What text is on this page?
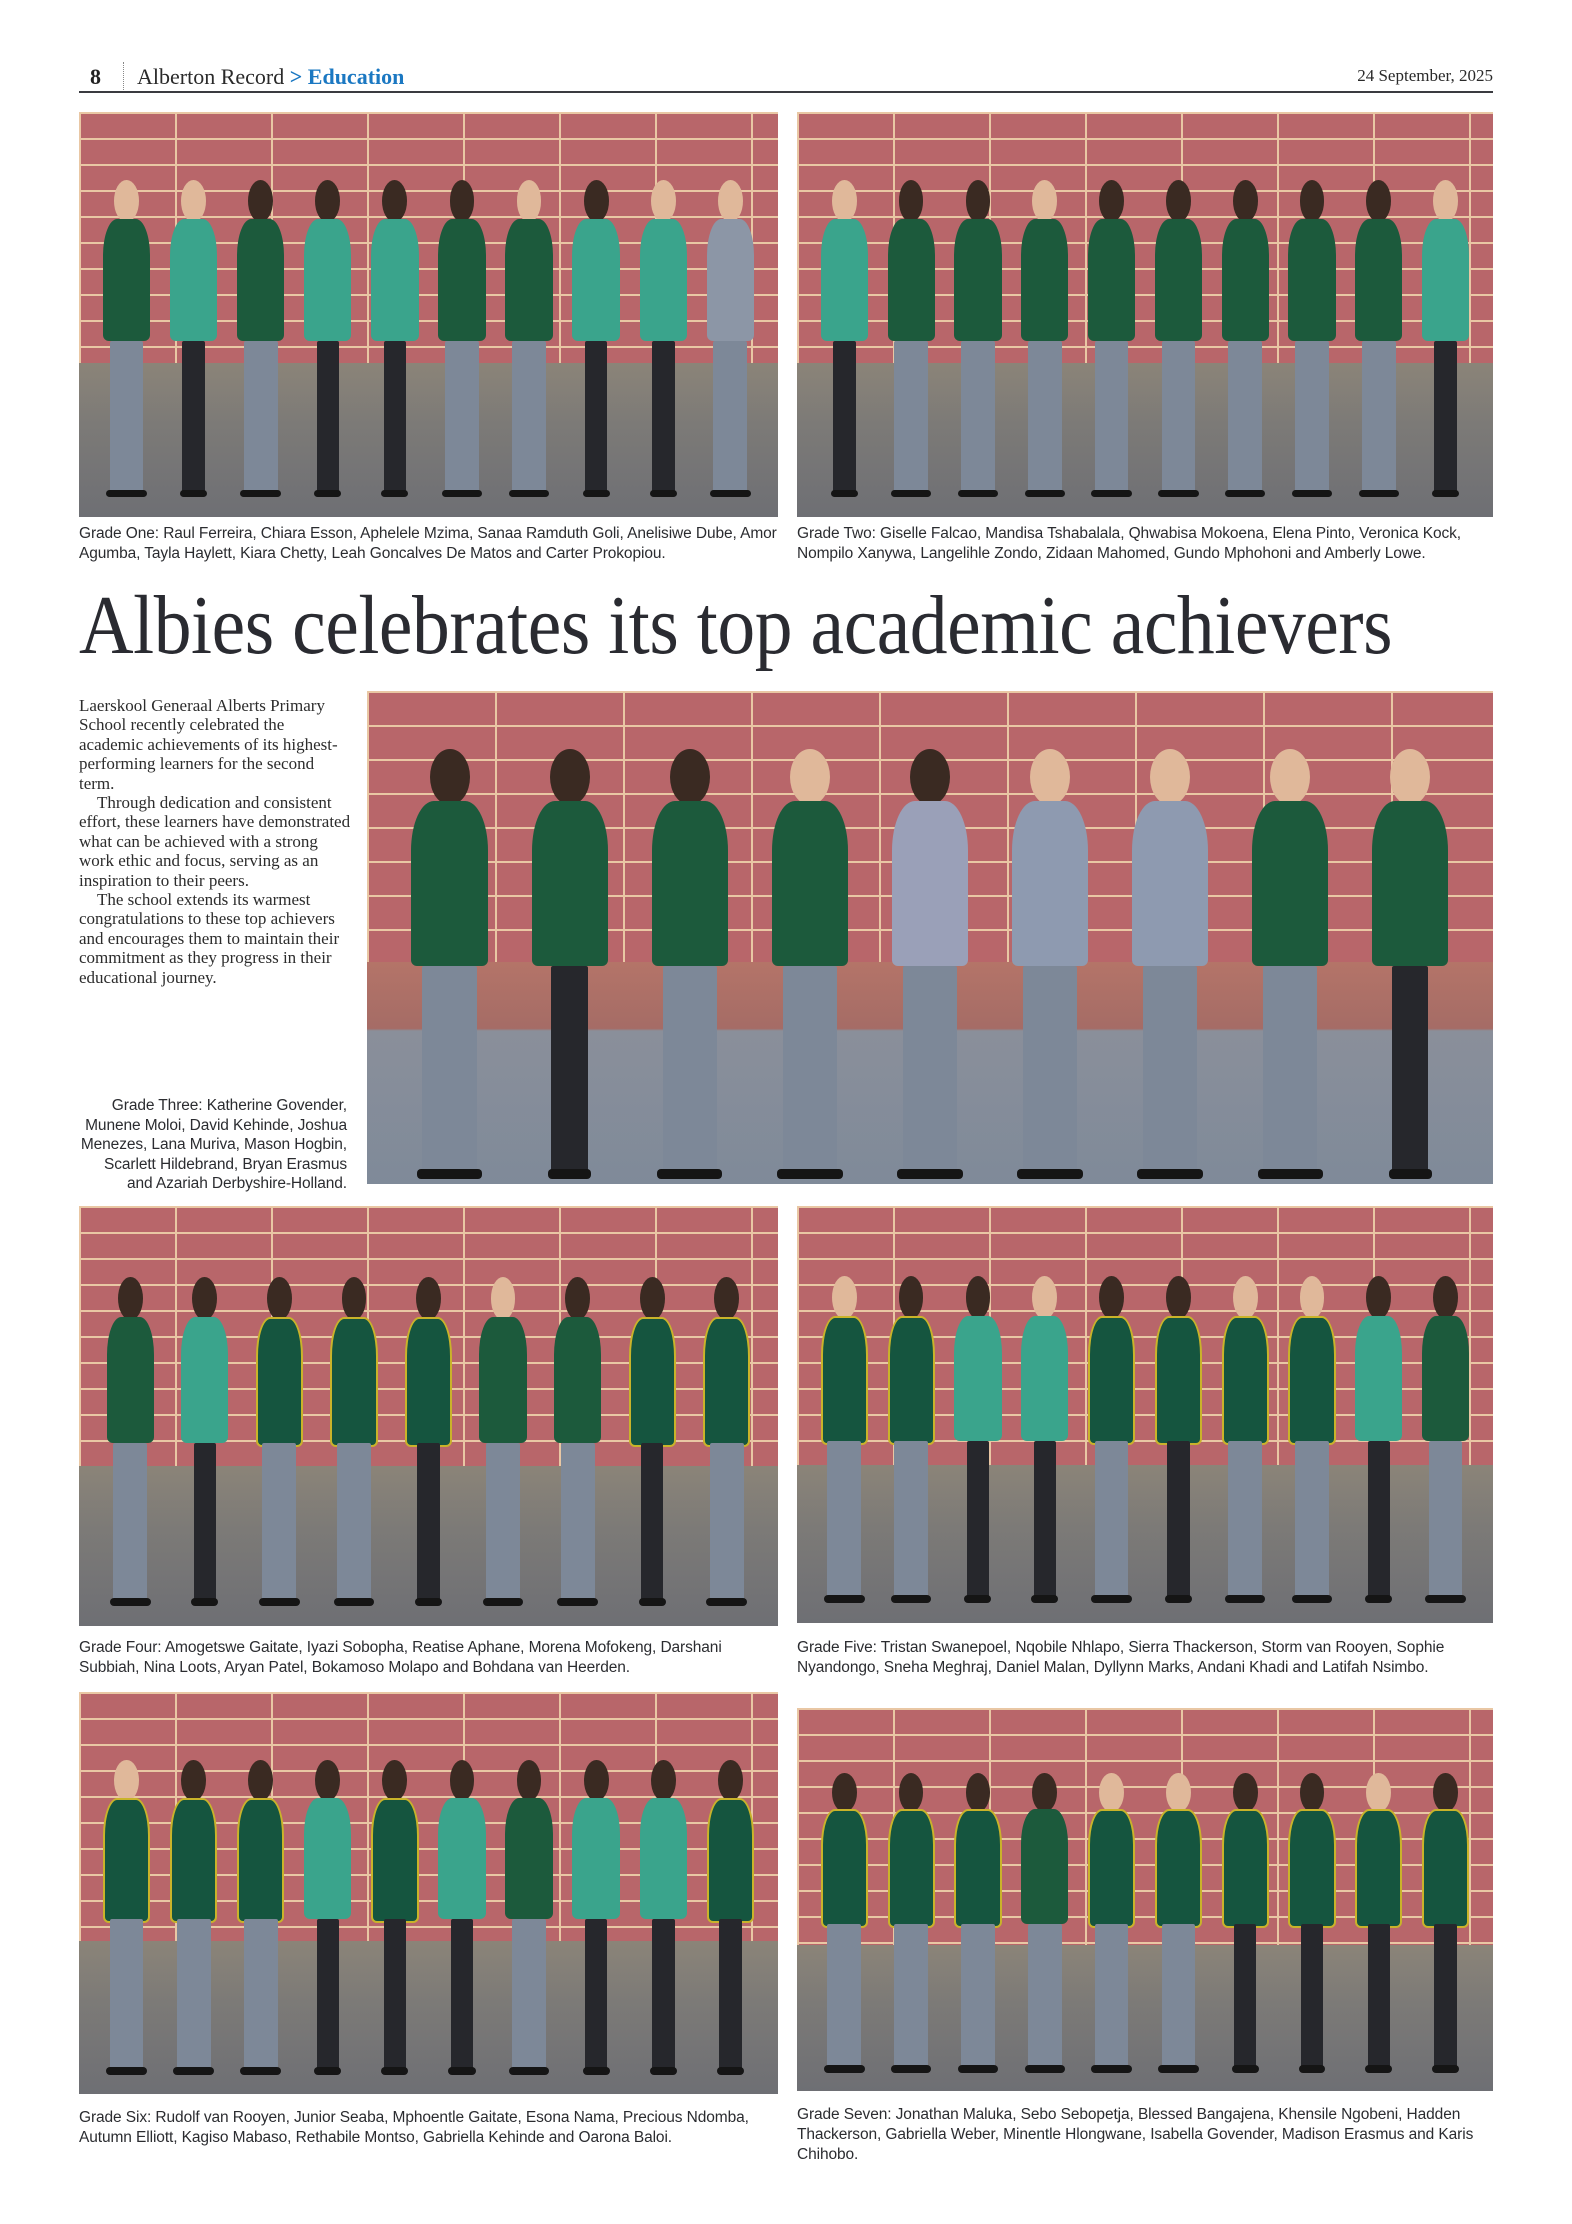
8 Alberton Record > Education	24 September, 2025
Grade One: Raul Ferreira, Chiara Esson, Aphelele Mzima, Sanaa Ramduth Goli, Anelisiwe Dube, Amor Agumba, Tayla Haylett, Kiara Chetty, Leah Goncalves De Matos and Carter Prokopiou.
Grade Two: Giselle Falcao, Mandisa Tshabalala, Qhwabisa Mokoena, Elena Pinto, Veronica Kock, Nompilo Xanywa, Langelihle Zondo, Zidaan Mahomed, Gundo Mphohoni and Amberly Lowe.
Albies celebrates its top academic achievers

Laerskool Generaal Alberts Primary School recently celebrated the academic achievements of its highest-performing learners for the second term.

Through dedication and consistent effort, these learners have demonstrated what can be achieved with a strong work ethic and focus, serving as an inspiration to their peers.

The school extends its warmest congratulations to these top achievers and encourages them to maintain their commitment as they progress in their educational journey.

Grade Three: Katherine Govender, Munene Moloi, David Kehinde, Joshua Menezes, Lana Muriva, Mason Hogbin, Scarlett Hildebrand, Bryan Erasmus and Azariah Derbyshire-Holland.
Grade Four: Amogetswe Gaitate, Iyazi Sobopha, Reatise Aphane, Morena Mofokeng, Darshani Subbiah, Nina Loots, Aryan Patel, Bokamoso Molapo and Bohdana van Heerden.
Grade Five: Tristan Swanepoel, Nqobile Nhlapo, Sierra Thackerson, Storm van Rooyen, Sophie Nyandongo, Sneha Meghraj, Daniel Malan, Dyllynn Marks, Andani Khadi and Latifah Nsimbo.
Grade Six: Rudolf van Rooyen, Junior Seaba, Mphoentle Gaitate, Esona Nama, Precious Ndomba, Autumn Elliott, Kagiso Mabaso, Rethabile Montso, Gabriella Kehinde and Oarona Baloi.
Grade Seven: Jonathan Maluka, Sebo Sebopetja, Blessed Bangajena, Khensile Ngobeni, Hadden Thackerson, Gabriella Weber, Minentle Hlongwane, Isabella Govender, Madison Erasmus and Karis Chihobo.
